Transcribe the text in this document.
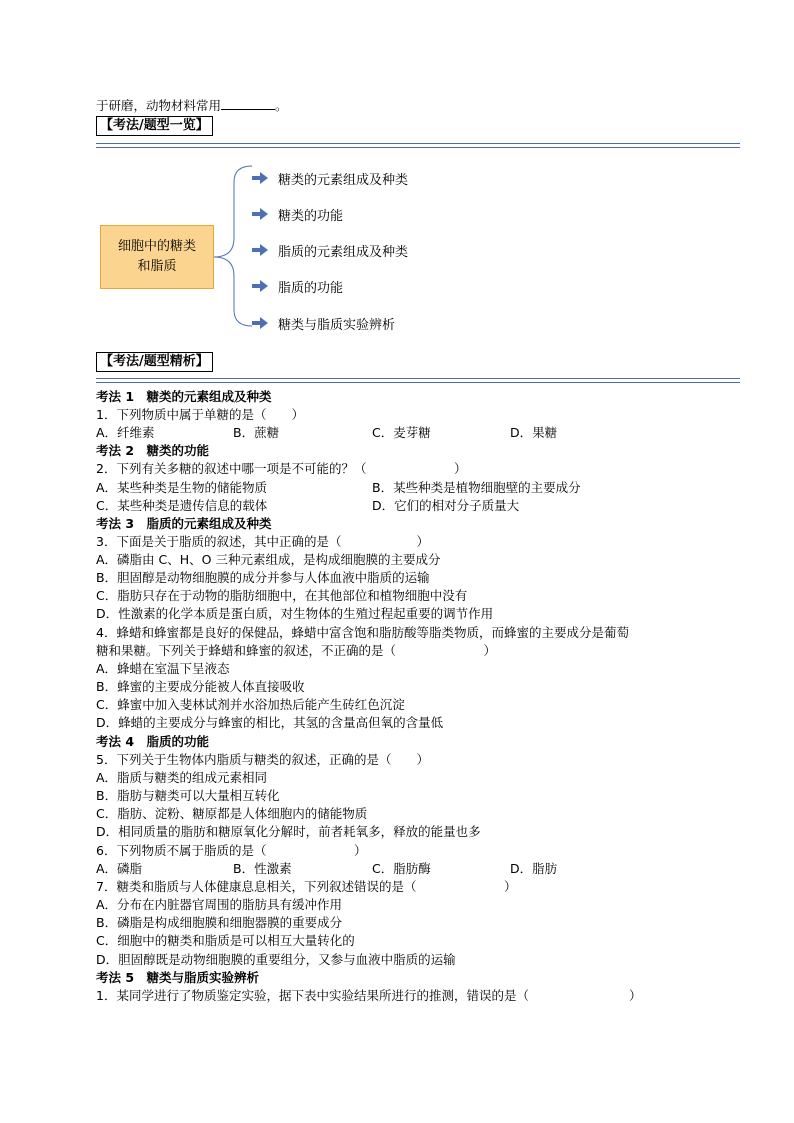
于研磨，动物材料常用	。
【考法/题型一览】
细胞中的糖类
和脂质
糖类的元素组成及种类
糖类的功能
脂质的元素组成及种类
脂质的功能
糖类与脂质实验辨析
【考法/题型精析】
考法 1　糖类的元素组成及种类
1．下列物质中属于单糖的是（　　）
A．纤维素	B．蔗糖	C．麦芽糖	D．果糖
考法 2　糖类的功能
2．下列有关多糖的叙述中哪一项是不可能的？（　　　　　　　）
A．某些种类是生物的储能物质	B．某些种类是植物细胞壁的主要成分
C．某些种类是遗传信息的载体	D．它们的相对分子质量大
考法 3　脂质的元素组成及种类
3．下面是关于脂质的叙述，其中正确的是（　　　　　　）
A．磷脂由 C、H、O 三种元素组成，是构成细胞膜的主要成分
B．胆固醇是动物细胞膜的成分并参与人体血液中脂质的运输
C．脂肪只存在于动物的脂肪细胞中，在其他部位和植物细胞中没有
D．性激素的化学本质是蛋白质，对生物体的生殖过程起重要的调节作用
4．蜂蜡和蜂蜜都是良好的保健品，蜂蜡中富含饱和脂肪酸等脂类物质，而蜂蜜的主要成分是葡萄
糖和果糖。下列关于蜂蜡和蜂蜜的叙述，不正确的是（　　　　　　　）
A．蜂蜡在室温下呈液态
B．蜂蜜的主要成分能被人体直接吸收
C．蜂蜜中加入斐林试剂并水浴加热后能产生砖红色沉淀
D．蜂蜡的主要成分与蜂蜜的相比，其氢的含量高但氧的含量低
考法 4　脂质的功能
5．下列关于生物体内脂质与糖类的叙述，正确的是（　　）
A．脂质与糖类的组成元素相同
B．脂肪与糖类可以大量相互转化
C．脂肪、淀粉、糖原都是人体细胞内的储能物质
D．相同质量的脂肪和糖原氧化分解时，前者耗氧多，释放的能量也多
6．下列物质不属于脂质的是（　　　　　　　）
A．磷脂	B．性激素	C．脂肪酶	D．脂肪
7．糖类和脂质与人体健康息息相关，下列叙述错误的是（　　　　　　　）
A．分布在内脏器官周围的脂肪具有缓冲作用
B．磷脂是构成细胞膜和细胞器膜的重要成分
C．细胞中的糖类和脂质是可以相互大量转化的
D．胆固醇既是动物细胞膜的重要组分，又参与血液中脂质的运输
考法 5　糖类与脂质实验辨析
1．某同学进行了物质鉴定实验，据下表中实验结果所进行的推测，错误的是（　　　　　　　　）
